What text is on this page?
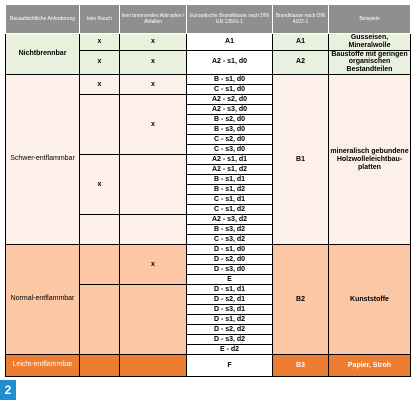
Bauaufsichtliche Anforderung	kein Rauch	kein brennendes Abtropfen / Abfallen	Europäische Brandklasse nach DIN EN 13501-1	Brandklasse nach DIN 4102-1	Beispiele
Nichtbrennbar	x	x	A1	A1	Gusseisen, Mineralwolle
	x	x	A2 - s1, d0	A2	Baustoffe mit geringen organischen Bestandteilen
Schwer-entflammbar	x	x	B - s1, d0	B1	mineralisch gebundene Holzwolleleichtbau-platten
			C - s1, d0		
		x	A2 - s2, d0		
			A2 - s3, d0		
			B - s2, d0		
			B - s3, d0		
			C - s2, d0		
			C - s3, d0		
	x		A2 - s1, d1		
			A2 - s1, d2		
			B - s1, d1		
			B - s1, d2		
			C - s1, d1		
			C - s1, d2		
			A2 - s3, d2		
			B - s3, d2		
			C - s3, d2		
Normal-entflammbar		x	D - s1, d0	B2	Kunststoffe
			D - s2, d0		
			D - s3, d0		
			E		
			D - s1, d1		
			D - s2, d1		
			D - s3, d1		
			D - s1, d2		
			D - s2, d2		
			D - s3, d2		
			E - d2		
Leicht-entflammbar			F	B3	Papier, Stroh
2
